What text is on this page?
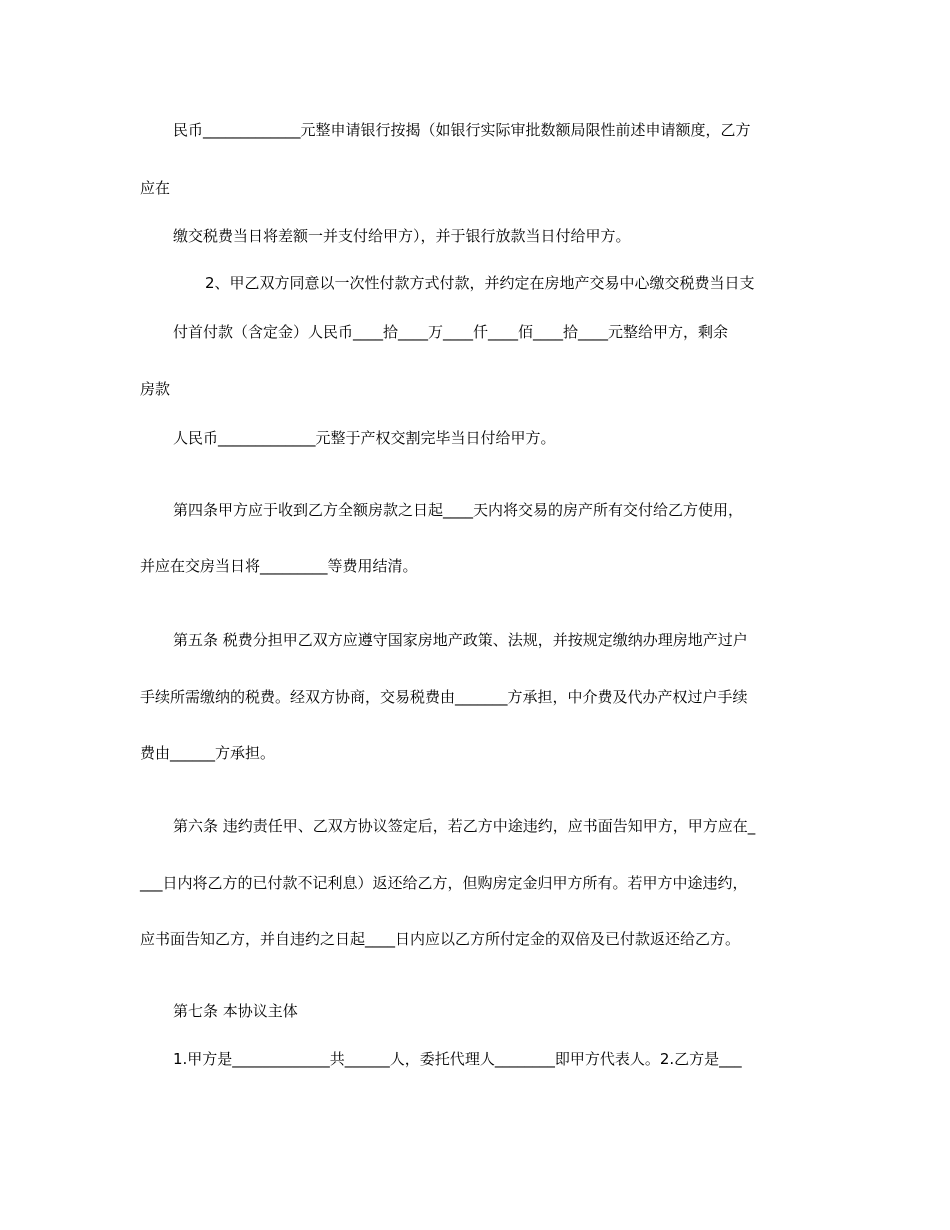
民币_____________元整申请银行按揭（如银行实际审批数额局限性前述申请额度，乙方

应在

缴交税费当日将差额一并支付给甲方），并于银行放款当日付给甲方。

2、甲乙双方同意以一次性付款方式付款，并约定在房地产交易中心缴交税费当日支

付首付款（含定金）人民币____拾____万____仟____佰____拾____元整给甲方，剩余

房款

人民币_____________元整于产权交割完毕当日付给甲方。

第四条甲方应于收到乙方全额房款之日起____天内将交易的房产所有交付给乙方使用，

并应在交房当日将_________等费用结清。

第五条 税费分担甲乙双方应遵守国家房地产政策、法规，并按规定缴纳办理房地产过户

手续所需缴纳的税费。经双方协商，交易税费由_______方承担，中介费及代办产权过户手续

费由______方承担。

第六条 违约责任甲、乙双方协议签定后，若乙方中途违约，应书面告知甲方，甲方应在_

___日内将乙方的已付款不记利息）返还给乙方，但购房定金归甲方所有。若甲方中途违约，

应书面告知乙方，并自违约之日起____日内应以乙方所付定金的双倍及已付款返还给乙方。

第七条 本协议主体

1.甲方是_____________共______人，委托代理人________即甲方代表人。2.乙方是___
